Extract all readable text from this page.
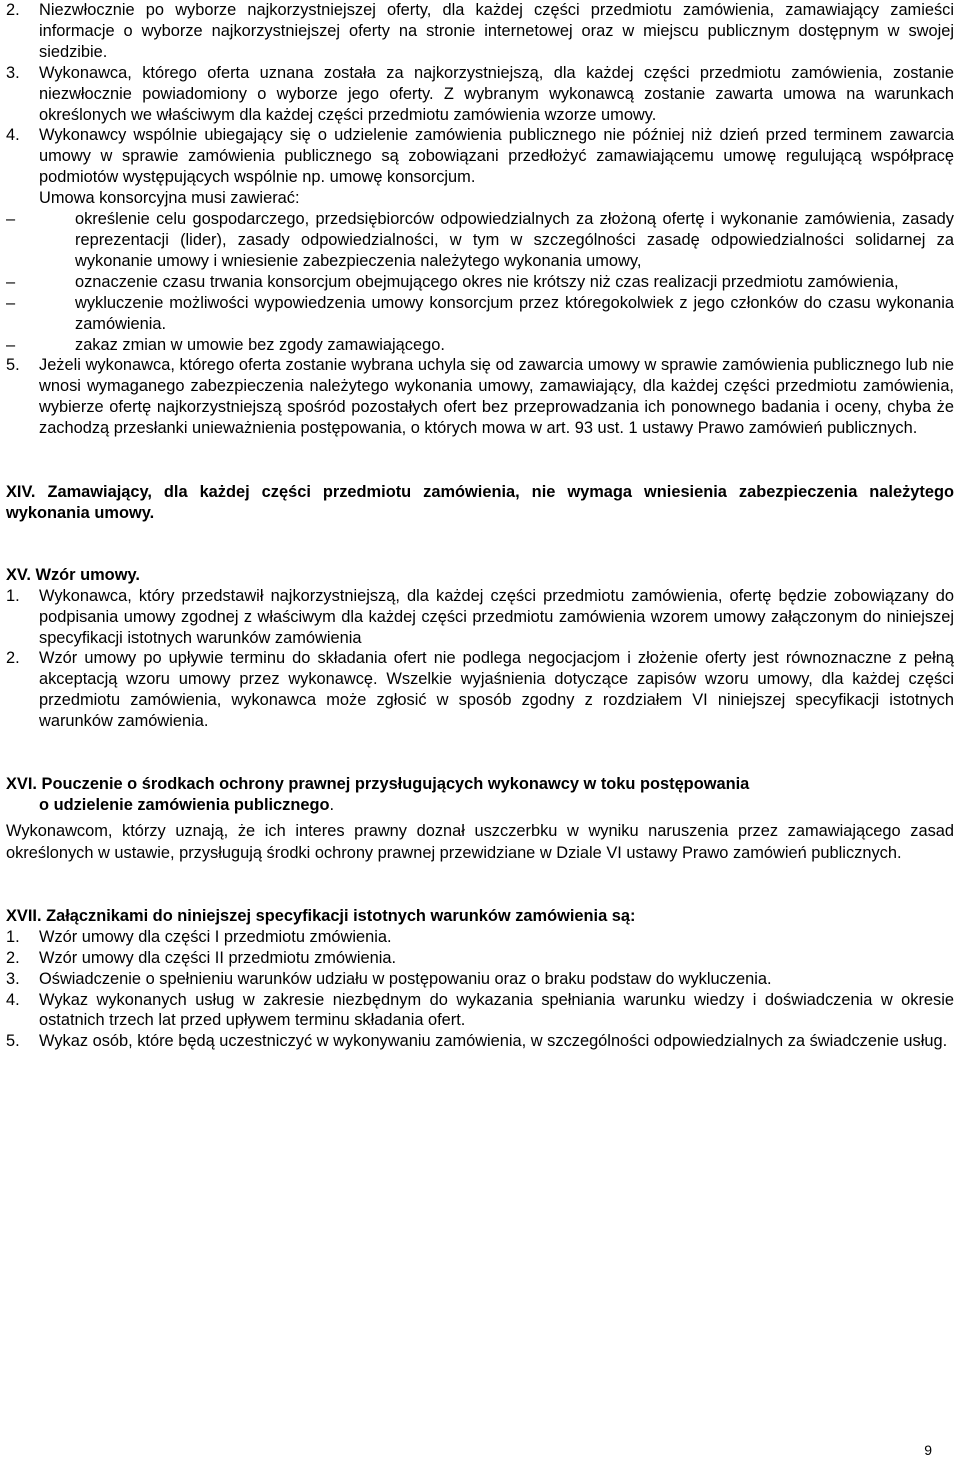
2.	Niezwłocznie po wyborze najkorzystniejszej oferty, dla każdej części przedmiotu zamówienia, zamawiający zamieści informacje o wyborze najkorzystniejszej oferty na stronie internetowej oraz w miejscu publicznym dostępnym w swojej siedzibie.
3.	Wykonawca, którego oferta uznana została za najkorzystniejszą, dla każdej części przedmiotu zamówienia, zostanie niezwłocznie powiadomiony o wyborze jego oferty. Z wybranym wykonawcą zostanie zawarta umowa na warunkach określonych we właściwym dla każdej części przedmiotu zamówienia wzorze umowy.
4.	Wykonawcy wspólnie ubiegający się o udzielenie zamówienia publicznego nie później niż dzień przed terminem zawarcia umowy w sprawie zamówienia publicznego są zobowiązani przedłożyć zamawiającemu umowę regulującą współpracę podmiotów występujących wspólnie np. umowę konsorcjum.
Umowa konsorcyjna musi zawierać:
–	określenie celu gospodarczego, przedsiębiorców odpowiedzialnych za złożoną ofertę i wykonanie zamówienia, zasady reprezentacji (lider), zasady odpowiedzialności, w tym w szczególności zasadę odpowiedzialności solidarnej za wykonanie umowy i wniesienie zabezpieczenia należytego wykonania umowy,
–	oznaczenie czasu trwania konsorcjum obejmującego okres nie krótszy niż czas realizacji przedmiotu zamówienia,
–	wykluczenie możliwości wypowiedzenia umowy konsorcjum przez któregokolwiek z jego członków do czasu wykonania zamówienia.
–	zakaz zmian w umowie bez zgody zamawiającego.
5.	Jeżeli wykonawca, którego oferta zostanie wybrana uchyla się od zawarcia umowy w sprawie zamówienia publicznego lub nie wnosi wymaganego zabezpieczenia należytego wykonania umowy, zamawiający, dla każdej części przedmiotu zamówienia, wybierze ofertę najkorzystniejszą spośród pozostałych ofert bez przeprowadzania ich ponownego badania i oceny, chyba że zachodzą przesłanki unieważnienia postępowania, o których mowa w art. 93 ust. 1 ustawy Prawo zamówień publicznych.
XIV. Zamawiający, dla każdej części przedmiotu zamówienia, nie wymaga wniesienia zabezpieczenia należytego wykonania umowy.
XV. Wzór umowy.
1.	Wykonawca, który przedstawił najkorzystniejszą, dla każdej części przedmiotu zamówienia, ofertę będzie zobowiązany do podpisania umowy zgodnej z właściwym dla każdej części przedmiotu zamówienia wzorem umowy załączonym do niniejszej specyfikacji istotnych warunków zamówienia
2.	Wzór umowy po upływie terminu do składania ofert nie podlega negocjacjom i złożenie oferty jest równoznaczne z pełną akceptacją wzoru umowy przez wykonawcę. Wszelkie wyjaśnienia dotyczące zapisów wzoru umowy, dla każdej części przedmiotu zamówienia, wykonawca może zgłosić w sposób zgodny z rozdziałem VI niniejszej specyfikacji istotnych warunków zamówienia.
XVI. Pouczenie o środkach ochrony prawnej przysługujących wykonawcy w toku postępowania
o udzielenie zamówienia publicznego.
Wykonawcom, którzy uznają, że ich interes prawny doznał uszczerbku w wyniku naruszenia przez zamawiającego zasad określonych w ustawie, przysługują środki ochrony prawnej przewidziane w Dziale VI ustawy Prawo zamówień publicznych.
XVII. Załącznikami do niniejszej specyfikacji istotnych warunków zamówienia są:
1.	Wzór umowy dla części I przedmiotu zmówienia.
2.	Wzór umowy dla części II przedmiotu zmówienia.
3.	Oświadczenie o spełnieniu warunków udziału w postępowaniu oraz o braku podstaw do wykluczenia.
4.	Wykaz wykonanych usług w zakresie niezbędnym do wykazania spełniania warunku wiedzy i doświadczenia w okresie ostatnich trzech lat przed upływem terminu składania ofert.
5.	Wykaz osób, które będą uczestniczyć w wykonywaniu zamówienia, w szczególności odpowiedzialnych za świadczenie usług.
9
